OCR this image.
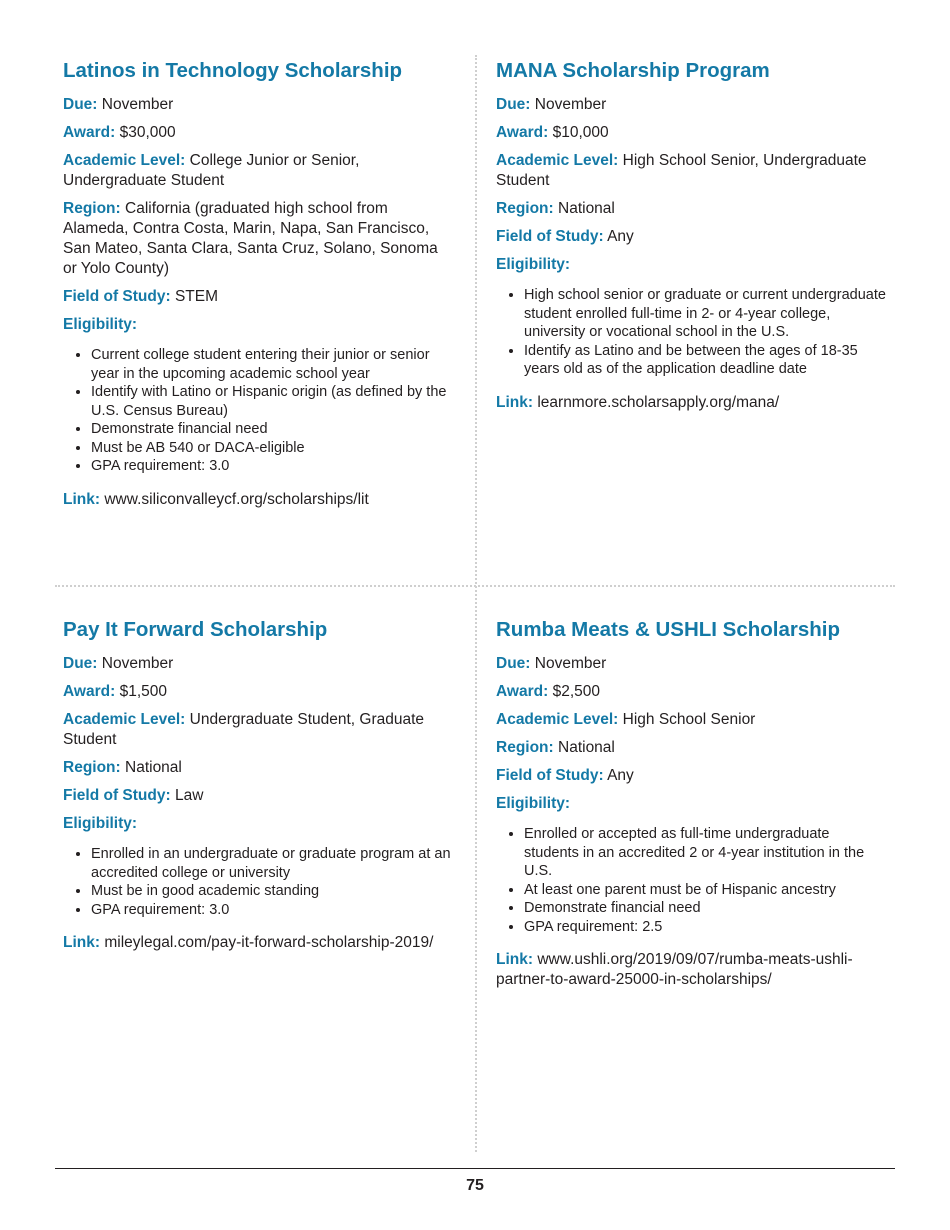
Latinos in Technology Scholarship
Due: November
Award: $30,000
Academic Level: College Junior or Senior, Undergraduate Student
Region: California (graduated high school from Alameda, Contra Costa, Marin, Napa, San Francisco, San Mateo, Santa Clara, Santa Cruz, Solano, Sonoma or Yolo County)
Field of Study: STEM
Eligibility:
• Current college student entering their junior or senior year in the upcoming academic school year
• Identify with Latino or Hispanic origin (as defined by the U.S. Census Bureau)
• Demonstrate financial need
• Must be AB 540 or DACA-eligible
• GPA requirement: 3.0
Link: www.siliconvalleycf.org/scholarships/lit
MANA Scholarship Program
Due: November
Award: $10,000
Academic Level: High School Senior, Undergraduate Student
Region: National
Field of Study: Any
Eligibility:
• High school senior or graduate or current undergraduate student enrolled full-time in 2- or 4-year college, university or vocational school in the U.S.
• Identify as Latino and be between the ages of 18-35 years old as of the application deadline date
Link: learnmore.scholarsapply.org/mana/
Pay It Forward Scholarship
Due: November
Award: $1,500
Academic Level: Undergraduate Student, Graduate Student
Region: National
Field of Study: Law
Eligibility:
• Enrolled in an undergraduate or graduate program at an accredited college or university
• Must be in good academic standing
• GPA requirement: 3.0
Link: mileylegal.com/pay-it-forward-scholarship-2019/
Rumba Meats & USHLI Scholarship
Due: November
Award: $2,500
Academic Level: High School Senior
Region: National
Field of Study: Any
Eligibility:
• Enrolled or accepted as full-time undergraduate students in an accredited 2 or 4-year institution in the U.S.
• At least one parent must be of Hispanic ancestry
• Demonstrate financial need
• GPA requirement: 2.5
Link: www.ushli.org/2019/09/07/rumba-meats-ushli-partner-to-award-25000-in-scholarships/
75
